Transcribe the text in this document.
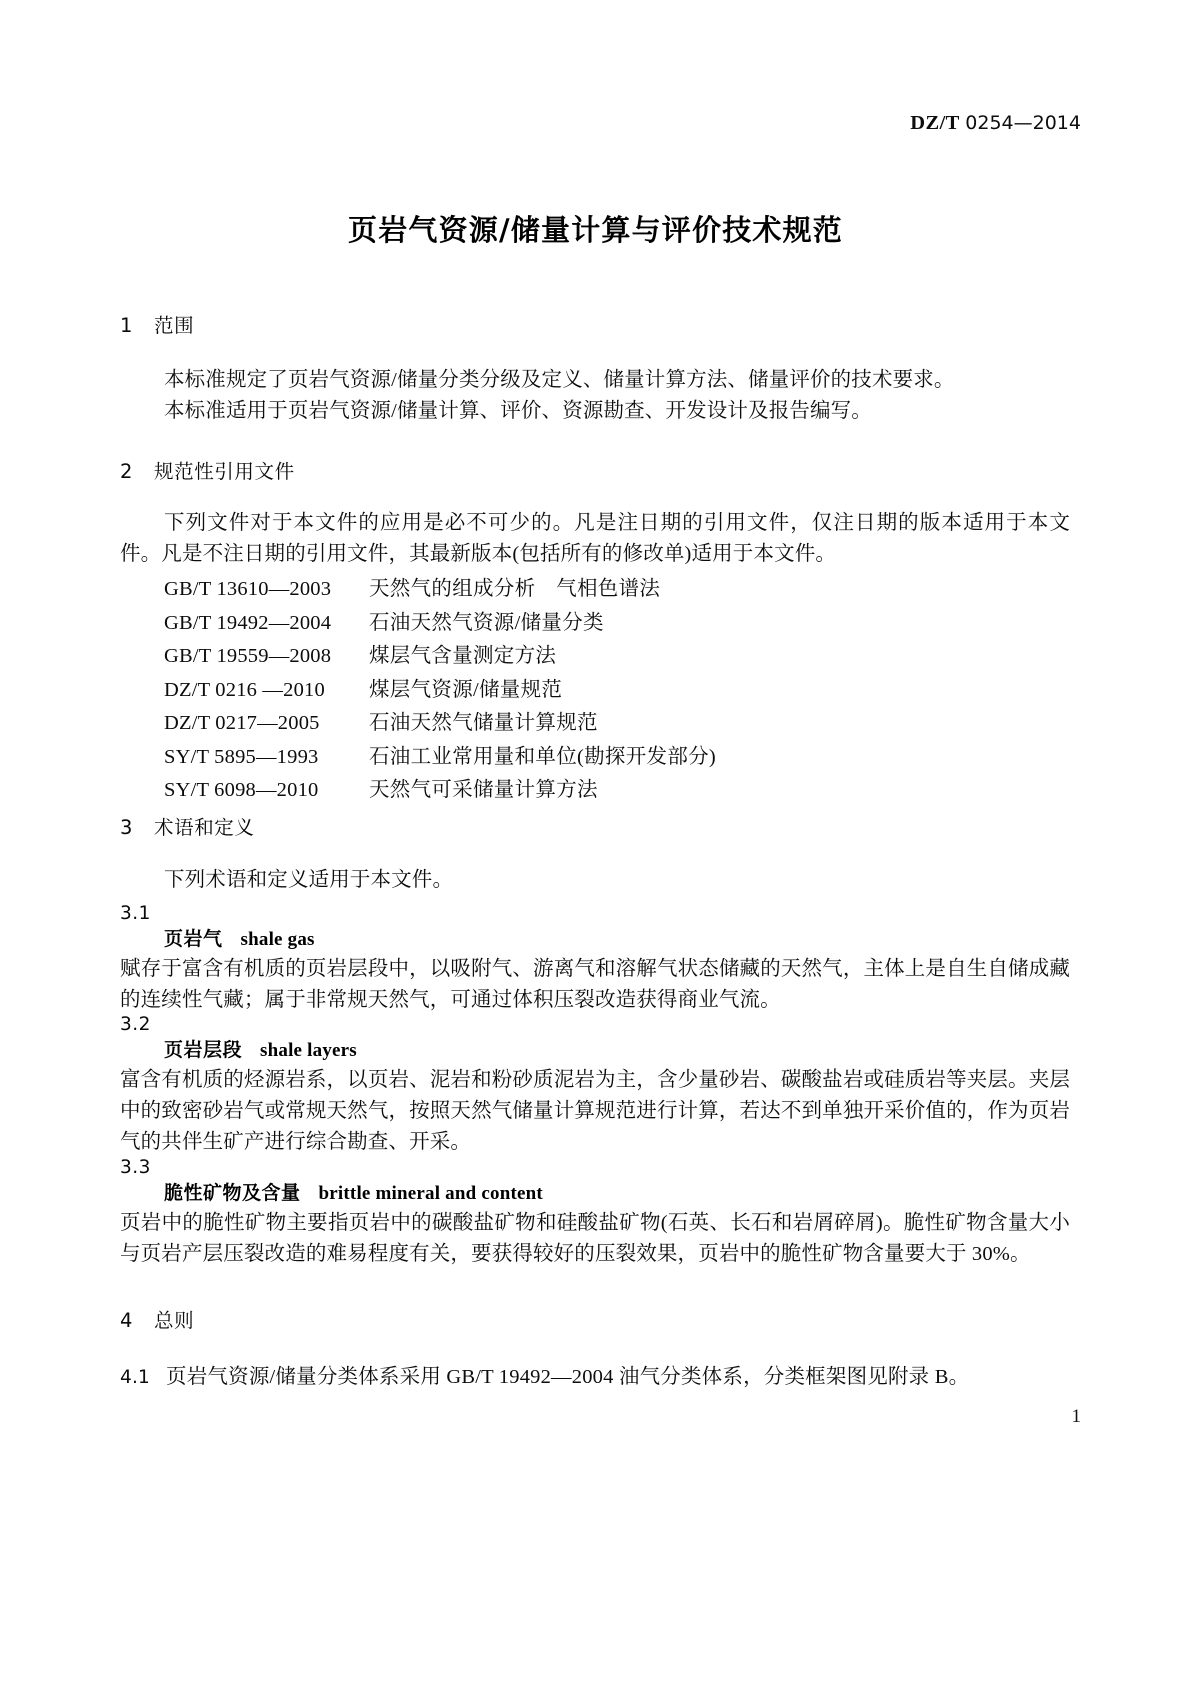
DZ/T 0254—2014
页岩气资源/储量计算与评价技术规范
1 范围

本标准规定了页岩气资源/储量分类分级及定义、储量计算方法、储量评价的技术要求。

本标准适用于页岩气资源/储量计算、评价、资源勘查、开发设计及报告编写。

2 规范性引用文件

下列文件对于本文件的应用是必不可少的。凡是注日期的引用文件，仅注日期的版本适用于本文件。凡是不注日期的引用文件，其最新版本(包括所有的修改单)适用于本文件。

GB/T 13610—2003 天然气的组成分析　气相色谱法
GB/T 19492—2004 石油天然气资源/储量分类
GB/T 19559—2008 煤层气含量测定方法
DZ/T 0216 —2010 煤层气资源/储量规范
DZ/T 0217—2005 石油天然气储量计算规范
SY/T 5895—1993 石油工业常用量和单位(勘探开发部分)
SY/T 6098—2010 天然气可采储量计算方法
3 术语和定义

下列术语和定义适用于本文件。

3.1
页岩气 shale gas

赋存于富含有机质的页岩层段中，以吸附气、游离气和溶解气状态储藏的天然气，主体上是自生自储成藏的连续性气藏；属于非常规天然气，可通过体积压裂改造获得商业气流。

3.2
页岩层段 shale layers

富含有机质的烃源岩系，以页岩、泥岩和粉砂质泥岩为主，含少量砂岩、碳酸盐岩或硅质岩等夹层。夹层中的致密砂岩气或常规天然气，按照天然气储量计算规范进行计算，若达不到单独开采价值的，作为页岩气的共伴生矿产进行综合勘查、开采。

3.3
脆性矿物及含量 brittle mineral and content

页岩中的脆性矿物主要指页岩中的碳酸盐矿物和硅酸盐矿物(石英、长石和岩屑碎屑)。脆性矿物含量大小与页岩产层压裂改造的难易程度有关，要获得较好的压裂效果，页岩中的脆性矿物含量要大于 30%。

4 总则
4.1 页岩气资源/储量分类体系采用 GB/T 19492—2004 油气分类体系，分类框架图见附录 B。
1
